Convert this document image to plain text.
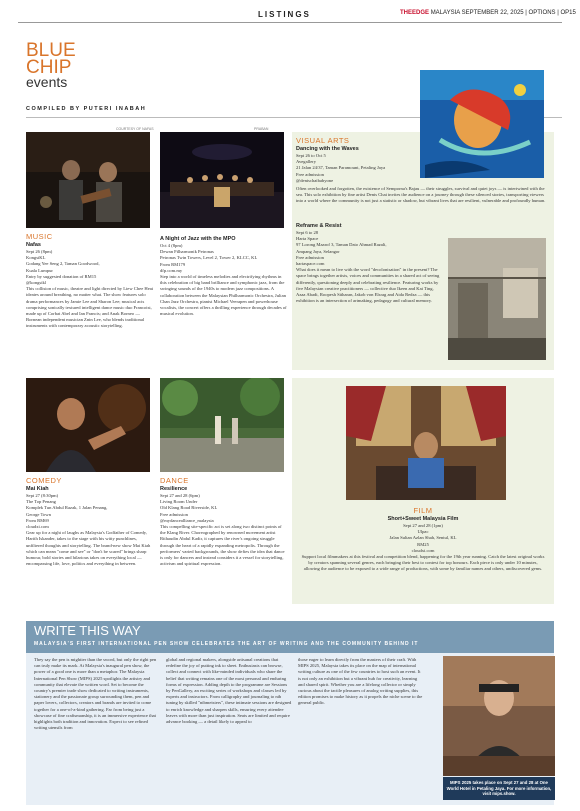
LISTINGS	THEEDGE MALAYSIA SEPTEMBER 22, 2025 | OPTIONS | OP15
BLUE
CHIP
events
COMPILED BY PUTERI INABAH
COURTESY OF NAFAS
MUSIC
Nafas
Sept 26 (8pm)
KongsiKL
Godang Yee Seng 2, Taman Goodwood,
Kuala Lumpur
Entry by suggested donation of RM15
@kongsikl
This collision of music, theatre and light directed by Liew Chee Heai ideates around breathing, no matter what. The show features solo drama performances by Jamie Lee and Sharon Lee; musical acts comprising sonically textured intelligent dance music duo Francoist, made up of Corbat Abel and Ian Francis; and Anak Borneo — Bornean independent musician Znin Lee, who blends traditional instruments with contemporary acoustic storytelling.
PRABAN
A Night of Jazz with the MPO
Oct 4 (8pm)
Dewan Filharmonik Petronas
Petronas Twin Towers, Level 2, Tower 2, KLCC, KL
From RM179
dfp.com.my
Step into a world of timeless melodies and electrifying rhythms in this celebration of big band brilliance and symphonic jazz, from the swinging sounds of the 1940s to modern jazz compositions. A collaboration between the Malaysian Philharmonic Orchestra, Julian Chan Jazz Orchestra, pianist Michael Veerapen and powerhouse vocalists, the concert offers a thrilling experience through decades of musical evolution.
VISUAL ARTS
Dancing with the Waves
Sept 26 to Oct 5
Avegallery
21 Jalan 24/37, Taman Paramount, Petaling Jaya
Free admission
@denischaibabyone
Often overlooked and forgotten, the existence of Semporna's Bajau — their struggles, survival and quiet joys — is intertwined with the sea. This solo exhibition by fine artist Denis Chai invites the audience on a journey through these silenced stories, transporting viewers into a world where the community is not just a statistic or shadow, but vibrant lives that are resilient, vulnerable and profoundly human.
Reframe & Resist
Sept 6 to 28
Harta Space
97 Lorong Maarof 3, Taman Dato Ahmad Razali,
Ampang Jaya, Selangor
Free admission
hartaspace.com
What does it mean to live with the word "decolonisation" in the present? The space brings together artists, voices and communities in a shared act of seeing differently, questioning deeply and celebrating resilience. Featuring works by five Malaysian creative practitioners — collective duo Ikeen and Kai Ting, Azaa Abadi, Roopesh Sitharan, Jakob von Elsrag and Aida Redza — this exhibition is an intersection of artmaking, pedagogy and cultural memory.
COMEDY
Mai Kiah
Sept 27 (8:30pm)
The Top Penang
Komplek Tun Abdul Razak, 1 Jalan Penang,
George Town
From RM69
cloudxi.com
Gear up for a night of laughs as Malaysia's Godfather of Comedy, Harith Iskander, takes to the stage with his witty punchlines, unfiltered thoughts and storytelling. The brand-new show Mai Kiah which can mean "come and see" or "don't be scared" brings sharp humour, bold stories and hilarious takes on everything local — encompassing life, love, politics and everything in between.
DANCE
Resilience
Sept 27 and 28 (6pm)
Living Room Under
Old Klang Road Riverside, KL
Free admission
@mydancealliance_malaysia
This compelling site-specific act is set along two distinct points of the Klang River. Choreographed by renowned movement artist Rithaudin Abdul Kadir, it captures the river's ongoing struggle through the heart of a rapidly expanding metropolis. Through the performers' varied backgrounds, the show defies the idea that dance is only for dancers and instead considers it a vessel for storytelling, activism and spiritual expression.
FILM
Short+Sweet Malaysia Film
Sept 27 and 28 (1pm)
Ulpac
Jalan Sultan Azlan Shah, Sentul, KL
RM25
cloudxi.com
Support local filmmakers at this festival and competition blend, happening for the 19th year running. Catch the latest original works by creators spanning several genres, each bringing their best to contest for top honours. Each piece is only under 10 minutes, allowing the audience to be exposed to a wide range of productions, with some by familiar names and others, undiscovered gems.
WRITE THIS WAY
MALAYSIA'S FIRST INTERNATIONAL PEN SHOW CELEBRATES THE ART OF WRITING AND THE COMMUNITY BEHIND IT
They say the pen is mightier than the sword, but only the right pen can truly make its mark. At Malaysia's inaugural pen show, the power of a good one is more than a metaphor. The Malaysia International Pen Show (MIPS) 2025 spotlights the artistry and community that elevate the written word. Set to become the country's premier trade show dedicated to writing instruments, stationery and the passionate group surrounding them, pen and paper lovers, collectors, creators and brands are invited to come together for a one-of-a-kind gathering. Far from being just a showcase of fine craftsmanship, it is an immersive experience that highlights both tradition and innovation. Expect to see refined writing utensils from
global and regional makers, alongside artisanal creations that redefine the joy of putting ink to sheet. Enthusiasts can browse, collect and connect with like-minded individuals who share the belief that writing remains one of the most personal and enduring forms of expression. Adding depth to the programme are Sessions by PenGallery, an exciting series of workshops and classes led by experts and instructors. From calligraphy and journaling to nib tuning by skilled "nibmeisters", these intimate sessions are designed to enrich knowledge and sharpen skills, ensuring every attendee leaves with more than just inspiration. Seats are limited and require advance booking — a detail likely to appeal to
those eager to learn directly from the masters of their craft. With MIPS 2025, Malaysia takes its place on the map of international writing culture as one of the few countries to host such an event. It is not only an exhibition but a vibrant hub for creativity, learning and shared spirit. Whether you are a lifelong collector or simply curious about the tactile pleasures of analog writing supplies, this edition promises to make history as it propels the niche scene to the general public.
MIPS 2025 takes place on Sept 27 and 28 at One World Hotel in Petaling Jaya. For more information, visit mips.show.
